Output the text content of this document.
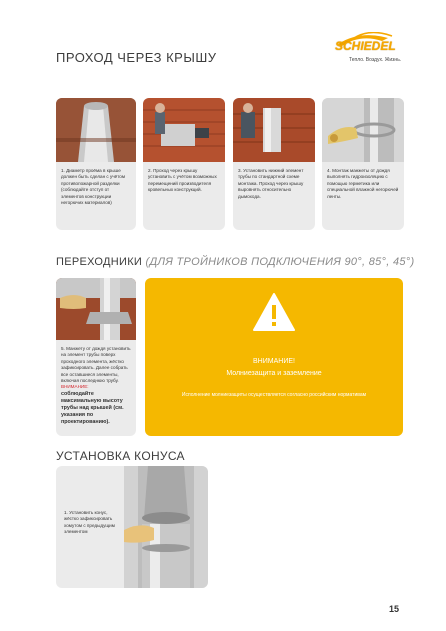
ПРОХОД ЧЕРЕЗ КРЫШУ
SCHIEDEL
Тепло. Воздух. Жизнь.
1. Диаметр проёма в крыше должен быть сделан с учётом противопожарной разделки (соблюдайте отступ от элементов конструкции негорючих материалов)
2. Проход через крышу установить с учётом возможных перемещений производителя кровельных конструкций.
3. Установить нижний элемент трубы по стандартной схеме монтажа. Проход через крышу выровнять относительно дымохода.
4. Монтаж манжеты от дождя выполнять гидроизоляцию с помощью герметика или специальной влажной негорючей ленты.
ПЕРЕХОДНИКИ (ДЛЯ ТРОЙНИКОВ ПОДКЛЮЧЕНИЯ 90°, 85°, 45°)
5. Манжету от дождя установить на элемент трубы поверх проходного элемента, жёстко зафиксировать. Далее собрать все оставшиеся элементы, включая последнюю трубу.
ВНИМАНИЕ:
соблюдайте максимальную высоту трубы над крышей (см. указания по проектированию).
ВНИМАНИЕ!
Молниезащита и заземление
Исполнение молниезащиты осуществляется согласно российским нормативам
УСТАНОВКА КОНУСА
1. Установить конус, жёстко зафиксировать хомутом с предыдущим элементом
15
